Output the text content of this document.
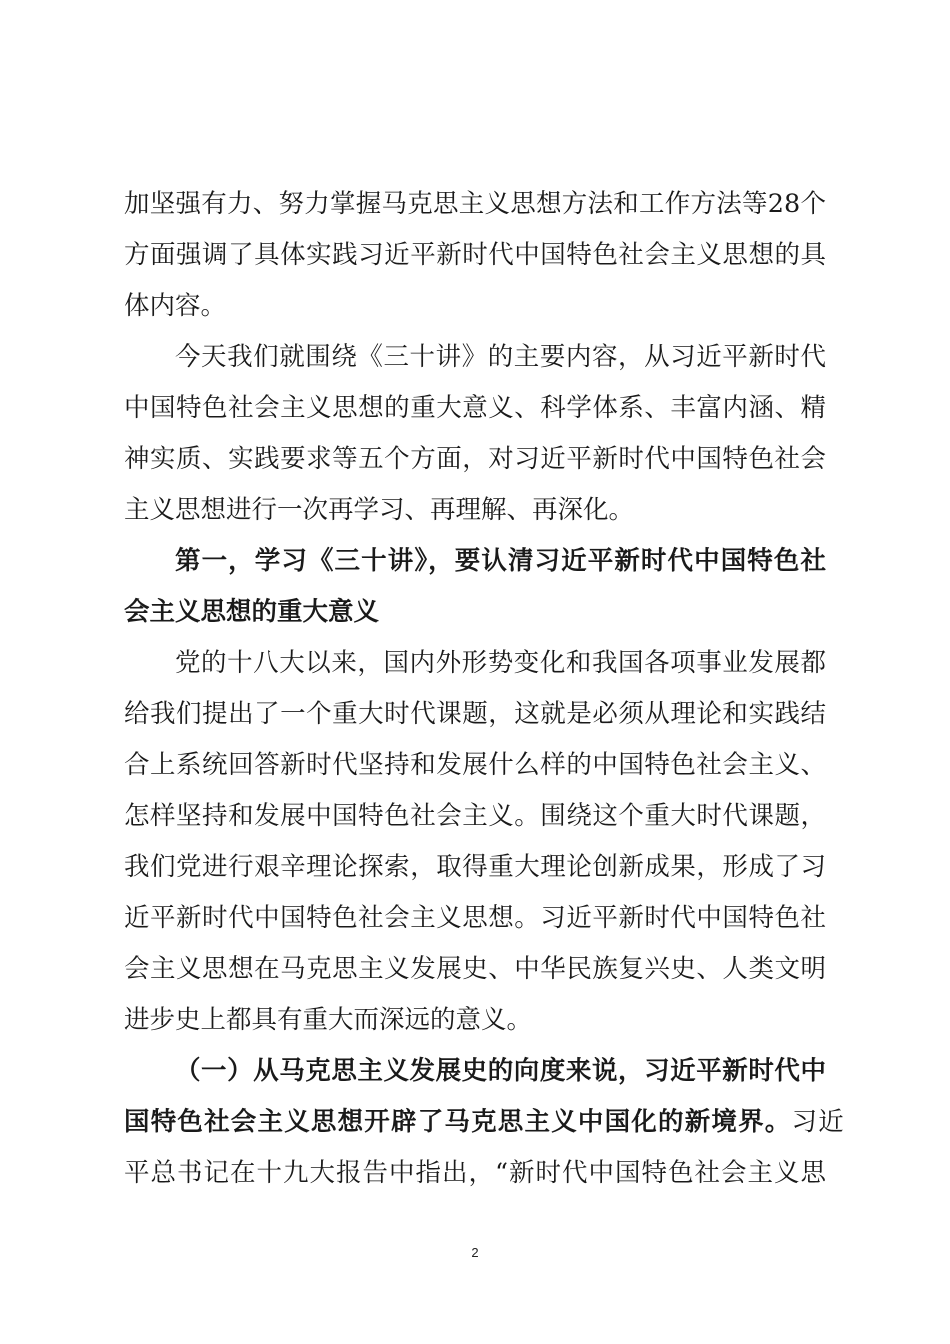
加坚强有力、努力掌握马克思主义思想方法和工作方法等28个
方面强调了具体实践习近平新时代中国特色社会主义思想的具
体内容。
今天我们就围绕《三十讲》的主要内容，从习近平新时代
中国特色社会主义思想的重大意义、科学体系、丰富内涵、精
神实质、实践要求等五个方面，对习近平新时代中国特色社会
主义思想进行一次再学习、再理解、再深化。
第一，学习《三十讲》，要认清习近平新时代中国特色社
会主义思想的重大意义
党的十八大以来，国内外形势变化和我国各项事业发展都
给我们提出了一个重大时代课题，这就是必须从理论和实践结
合上系统回答新时代坚持和发展什么样的中国特色社会主义、
怎样坚持和发展中国特色社会主义。围绕这个重大时代课题，
我们党进行艰辛理论探索，取得重大理论创新成果，形成了习
近平新时代中国特色社会主义思想。习近平新时代中国特色社
会主义思想在马克思主义发展史、中华民族复兴史、人类文明
进步史上都具有重大而深远的意义。
（一）从马克思主义发展史的向度来说，习近平新时代中
国特色社会主义思想开辟了马克思主义中国化的新境界。 习近
平总书记在十九大报告中指出，“新时代中国特色社会主义思
2
